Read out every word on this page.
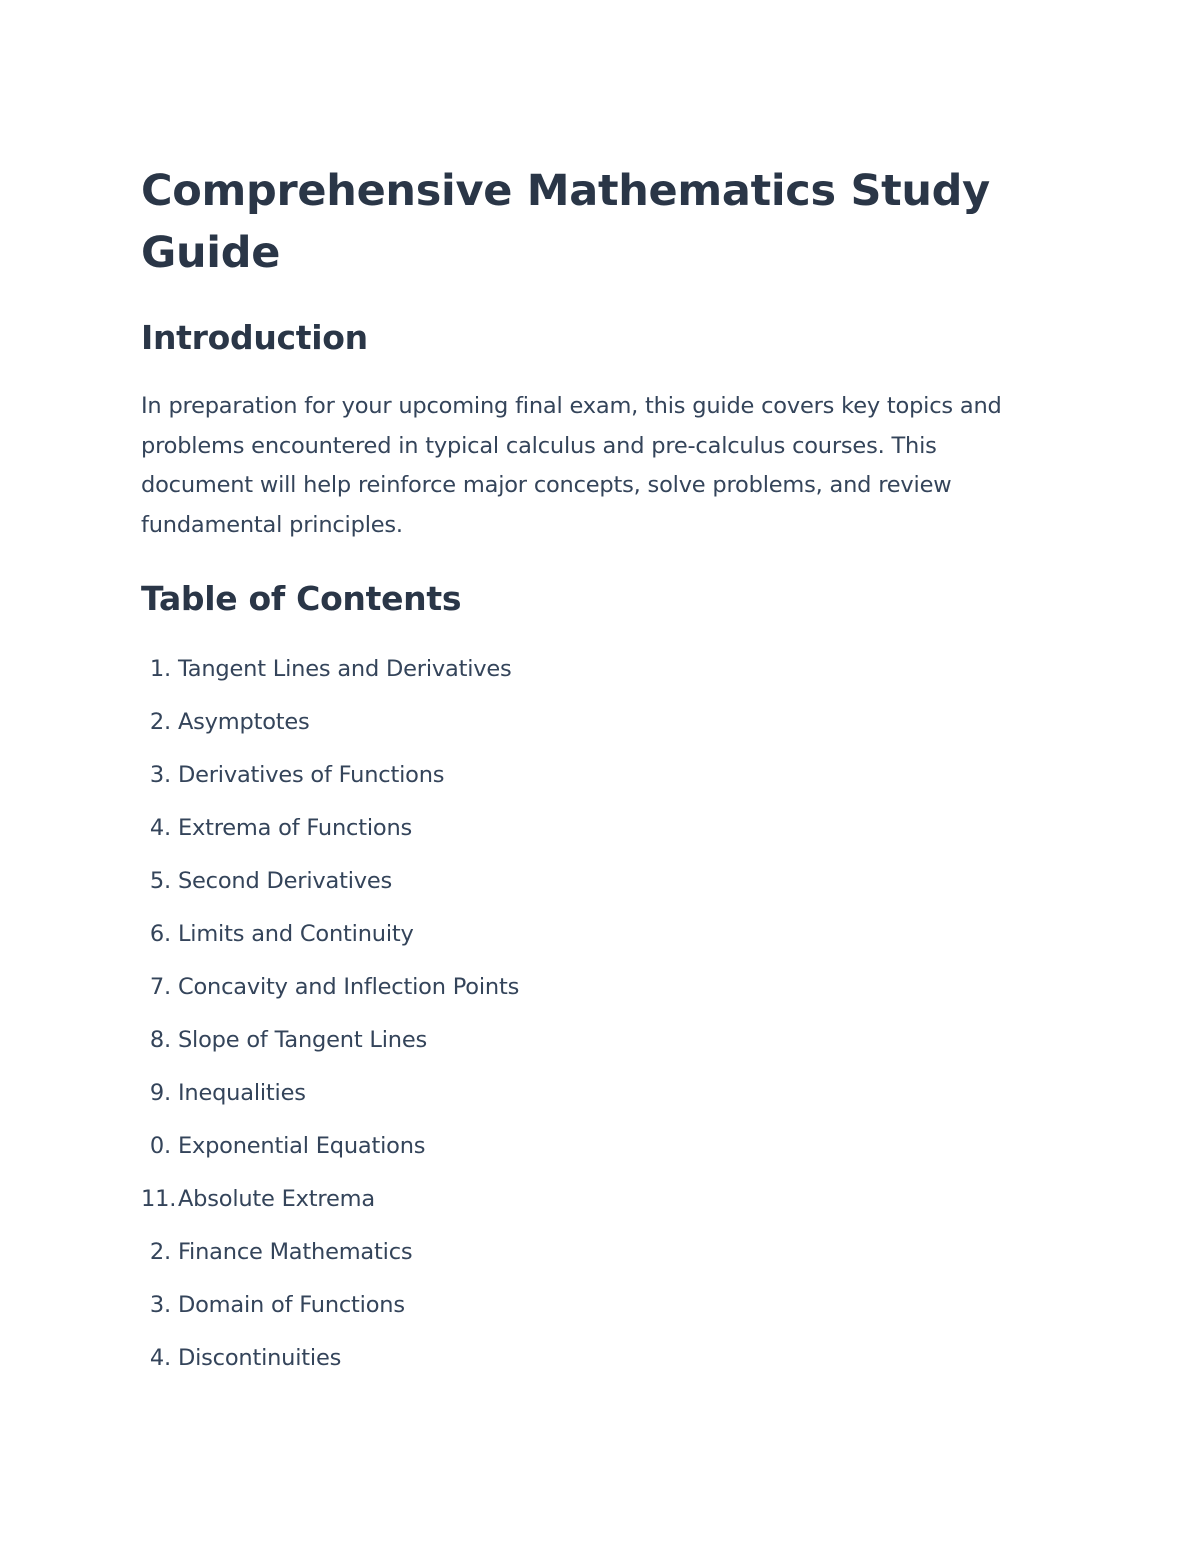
Comprehensive Mathematics Study Guide
Introduction

In preparation for your upcoming final exam, this guide covers key topics and problems encountered in typical calculus and pre-calculus courses. This document will help reinforce major concepts, solve problems, and review fundamental principles.

Table of Contents
1. Tangent Lines and Derivatives
2. Asymptotes
3. Derivatives of Functions
4. Extrema of Functions
5. Second Derivatives
6. Limits and Continuity
7. Concavity and Inflection Points
8. Slope of Tangent Lines
9. Inequalities
0. Exponential Equations
11. Absolute Extrema
2. Finance Mathematics
3. Domain of Functions
4. Discontinuities
